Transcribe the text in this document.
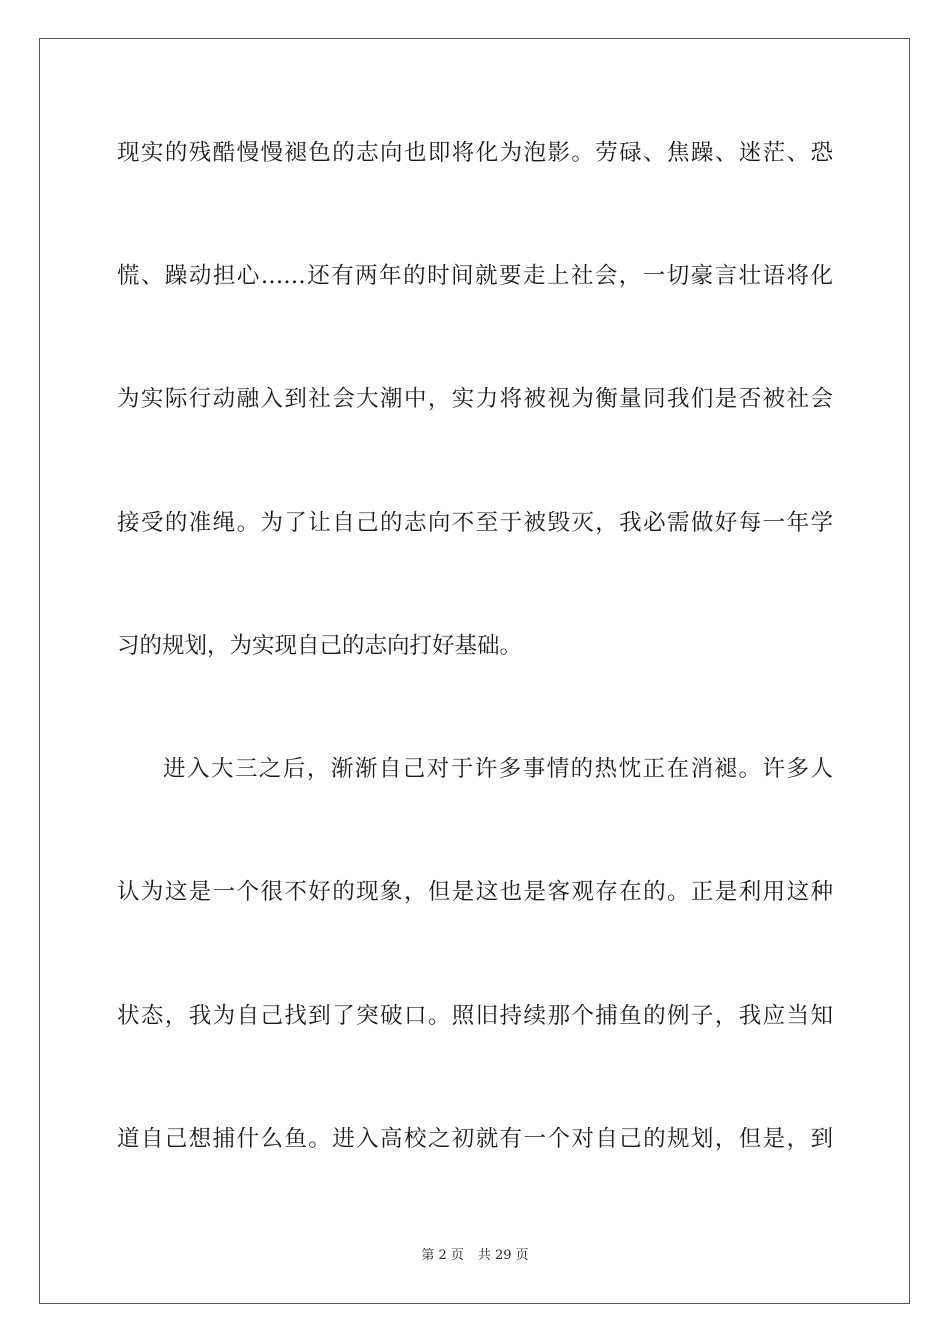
现实的残酷慢慢褪色的志向也即将化为泡影。劳碌、焦躁、迷茫、恐
慌、躁动担心……还有两年的时间就要走上社会，一切豪言壮语将化
为实际行动融入到社会大潮中，实力将被视为衡量同我们是否被社会
接受的准绳。为了让自己的志向不至于被毁灭，我必需做好每一年学
习的规划，为实现自己的志向打好基础。
进入大三之后，渐渐自己对于许多事情的热忱正在消褪。许多人
认为这是一个很不好的现象，但是这也是客观存在的。正是利用这种
状态，我为自己找到了突破口。照旧持续那个捕鱼的例子，我应当知
道自己想捕什么鱼。进入高校之初就有一个对自己的规划，但是，到
第 2 页 共 29 页
